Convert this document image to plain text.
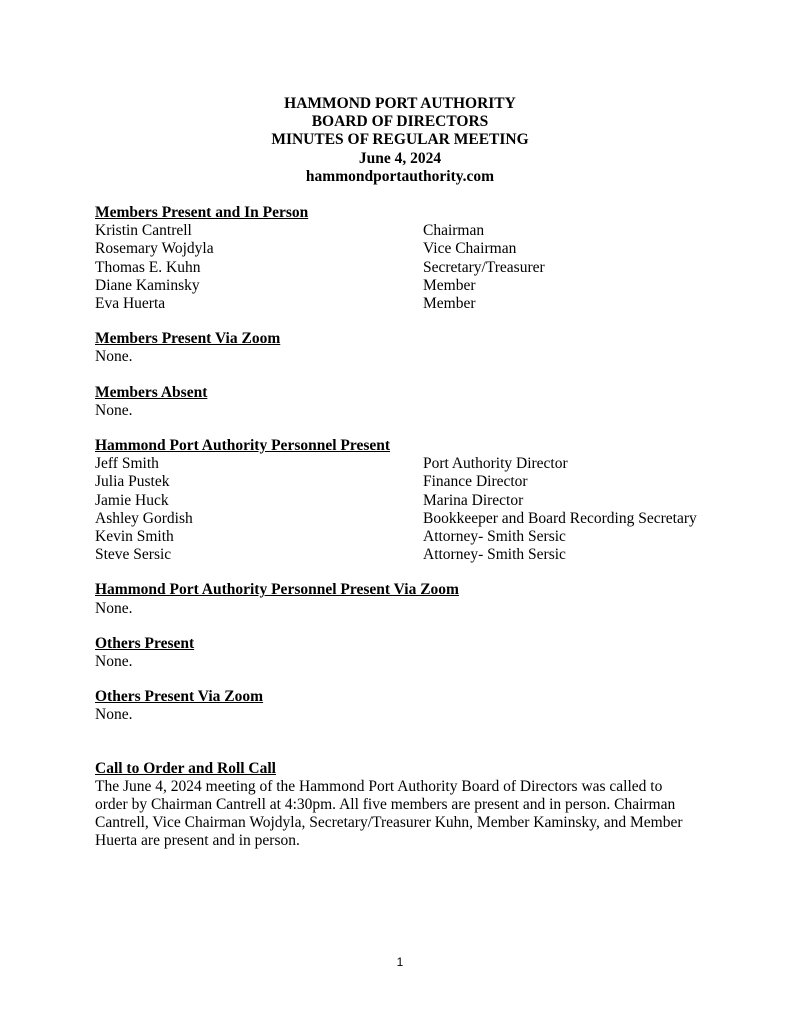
HAMMOND PORT AUTHORITY
BOARD OF DIRECTORS
MINUTES OF REGULAR MEETING
June 4, 2024
hammondportauthority.com
Members Present and In Person
Kristin Cantrell	Chairman
Rosemary Wojdyla	Vice Chairman
Thomas E. Kuhn	Secretary/Treasurer
Diane Kaminsky	Member
Eva Huerta	Member
Members Present Via Zoom
None.
Members Absent
None.
Hammond Port Authority Personnel Present
Jeff Smith	Port Authority Director
Julia Pustek	Finance Director
Jamie Huck	Marina Director
Ashley Gordish	Bookkeeper and Board Recording Secretary
Kevin Smith	Attorney- Smith Sersic
Steve Sersic	Attorney- Smith Sersic
Hammond Port Authority Personnel Present Via Zoom
None.
Others Present
None.
Others Present Via Zoom
None.
Call to Order and Roll Call
The June 4, 2024 meeting of the Hammond Port Authority Board of Directors was called to
order by Chairman Cantrell at 4:30pm. All five members are present and in person. Chairman
Cantrell, Vice Chairman Wojdyla, Secretary/Treasurer Kuhn, Member Kaminsky, and Member
Huerta are present and in person.
1
